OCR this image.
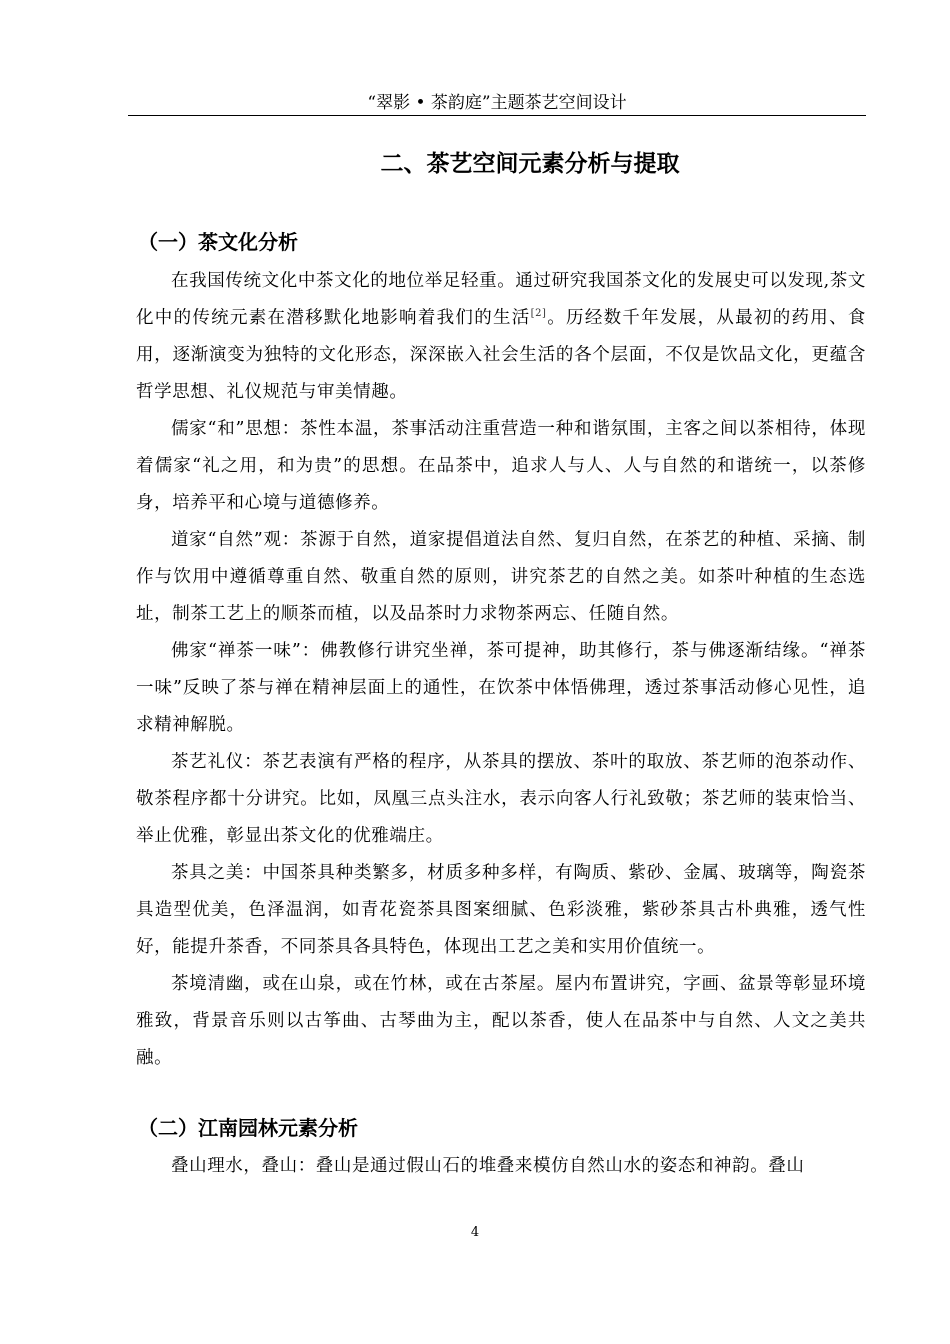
“翠影 • 茶韵庭”主题茶艺空间设计
二、茶艺空间元素分析与提取
（一）茶文化分析

在我国传统文化中茶文化的地位举足轻重。通过研究我国茶文化的发展史可以发现,茶文化中的传统元素在潜移默化地影响着我们的生活[2]。历经数千年发展，从最初的药用、食用，逐渐演变为独特的文化形态，深深嵌入社会生活的各个层面，不仅是饮品文化，更蕴含哲学思想、礼仪规范与审美情趣。

儒家“和”思想：茶性本温，茶事活动注重营造一种和谐氛围，主客之间以茶相待，体现着儒家“礼之用，和为贵”的思想。在品茶中，追求人与人、人与自然的和谐统一，以茶修身，培养平和心境与道德修养。

道家“自然”观：茶源于自然，道家提倡道法自然、复归自然，在茶艺的种植、采摘、制作与饮用中遵循尊重自然、敬重自然的原则，讲究茶艺的自然之美。如茶叶种植的生态选址，制茶工艺上的顺茶而植，以及品茶时力求物茶两忘、任随自然。

佛家“禅茶一味”：佛教修行讲究坐禅，茶可提神，助其修行，茶与佛逐渐结缘。“禅茶一味”反映了茶与禅在精神层面上的通性，在饮茶中体悟佛理，透过茶事活动修心见性，追求精神解脱。

茶艺礼仪：茶艺表演有严格的程序，从茶具的摆放、茶叶的取放、茶艺师的泡茶动作、敬茶程序都十分讲究。比如，凤凰三点头注水，表示向客人行礼致敬；茶艺师的装束恰当、举止优雅，彰显出茶文化的优雅端庄。

茶具之美：中国茶具种类繁多，材质多种多样，有陶质、紫砂、金属、玻璃等，陶瓷茶具造型优美，色泽温润，如青花瓷茶具图案细腻、色彩淡雅，紫砂茶具古朴典雅，透气性好，能提升茶香，不同茶具各具特色，体现出工艺之美和实用价值统一。

茶境清幽，或在山泉，或在竹林，或在古茶屋。屋内布置讲究，字画、盆景等彰显环境雅致，背景音乐则以古筝曲、古琴曲为主，配以茶香，使人在品茶中与自然、人文之美共融。

（二）江南园林元素分析

叠山理水，叠山：叠山是通过假山石的堆叠来模仿自然山水的姿态和神韵。叠山

4
